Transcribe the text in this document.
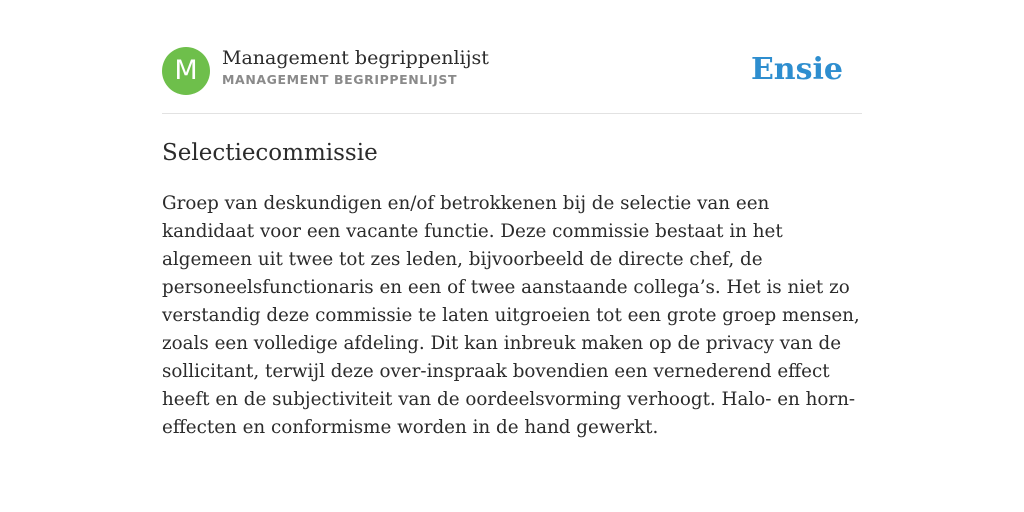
M	Management begrippenlijst
MANAGEMENT BEGRIPPENLIJST	Ensie
Selectiecommissie

Groep van deskundigen en/of betrokkenen bij de selectie van een kandidaat voor een vacante functie. Deze commissie bestaat in het algemeen uit twee tot zes leden, bijvoorbeeld de directe chef, de personeelsfunctionaris en een of twee aanstaande collega’s. Het is niet zo verstandig deze commissie te laten uitgroeien tot een grote groep mensen, zoals een volledige afdeling. Dit kan inbreuk maken op de privacy van de sollicitant, terwijl deze over-inspraak bovendien een vernederend effect heeft en de subjectiviteit van de oordeelsvorming verhoogt. Halo- en horn-effecten en conformisme worden in de hand gewerkt.
